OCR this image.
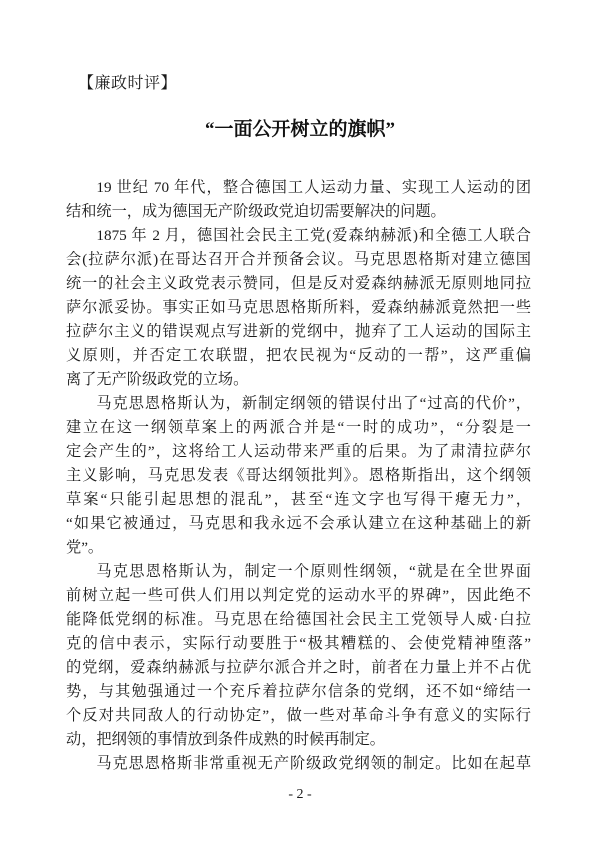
【廉政时评】
“一面公开树立的旗帜”
19 世纪 70 年代，整合德国工人运动力量、实现工人运动的团
结和统一，成为德国无产阶级政党迫切需要解决的问题。
1875 年 2 月，德国社会民主工党(爱森纳赫派)和全德工人联合
会(拉萨尔派)在哥达召开合并预备会议。马克思恩格斯对建立德国
统一的社会主义政党表示赞同，但是反对爱森纳赫派无原则地同拉
萨尔派妥协。事实正如马克思恩格斯所料，爱森纳赫派竟然把一些
拉萨尔主义的错误观点写进新的党纲中，抛弃了工人运动的国际主
义原则，并否定工农联盟，把农民视为“反动的一帮”，这严重偏
离了无产阶级政党的立场。
马克思恩格斯认为，新制定纲领的错误付出了“过高的代价”，
建立在这一纲领草案上的两派合并是“一时的成功”，“分裂是一
定会产生的”，这将给工人运动带来严重的后果。为了肃清拉萨尔
主义影响，马克思发表《哥达纲领批判》。恩格斯指出，这个纲领
草案“只能引起思想的混乱”，甚至“连文字也写得干瘪无力”，
“如果它被通过，马克思和我永远不会承认建立在这种基础上的新
党”。
马克思恩格斯认为，制定一个原则性纲领，“就是在全世界面
前树立起一些可供人们用以判定党的运动水平的界碑”，因此绝不
能降低党纲的标准。马克思在给德国社会民主工党领导人威·白拉
克的信中表示，实际行动要胜于“极其糟糕的、会使党精神堕落”
的党纲，爱森纳赫派与拉萨尔派合并之时，前者在力量上并不占优
势，与其勉强通过一个充斥着拉萨尔信条的党纲，还不如“缔结一
个反对共同敌人的行动协定”，做一些对革命斗争有意义的实际行
动，把纲领的事情放到条件成熟的时候再制定。
马克思恩格斯非常重视无产阶级政党纲领的制定。比如在起草
- 2 -
